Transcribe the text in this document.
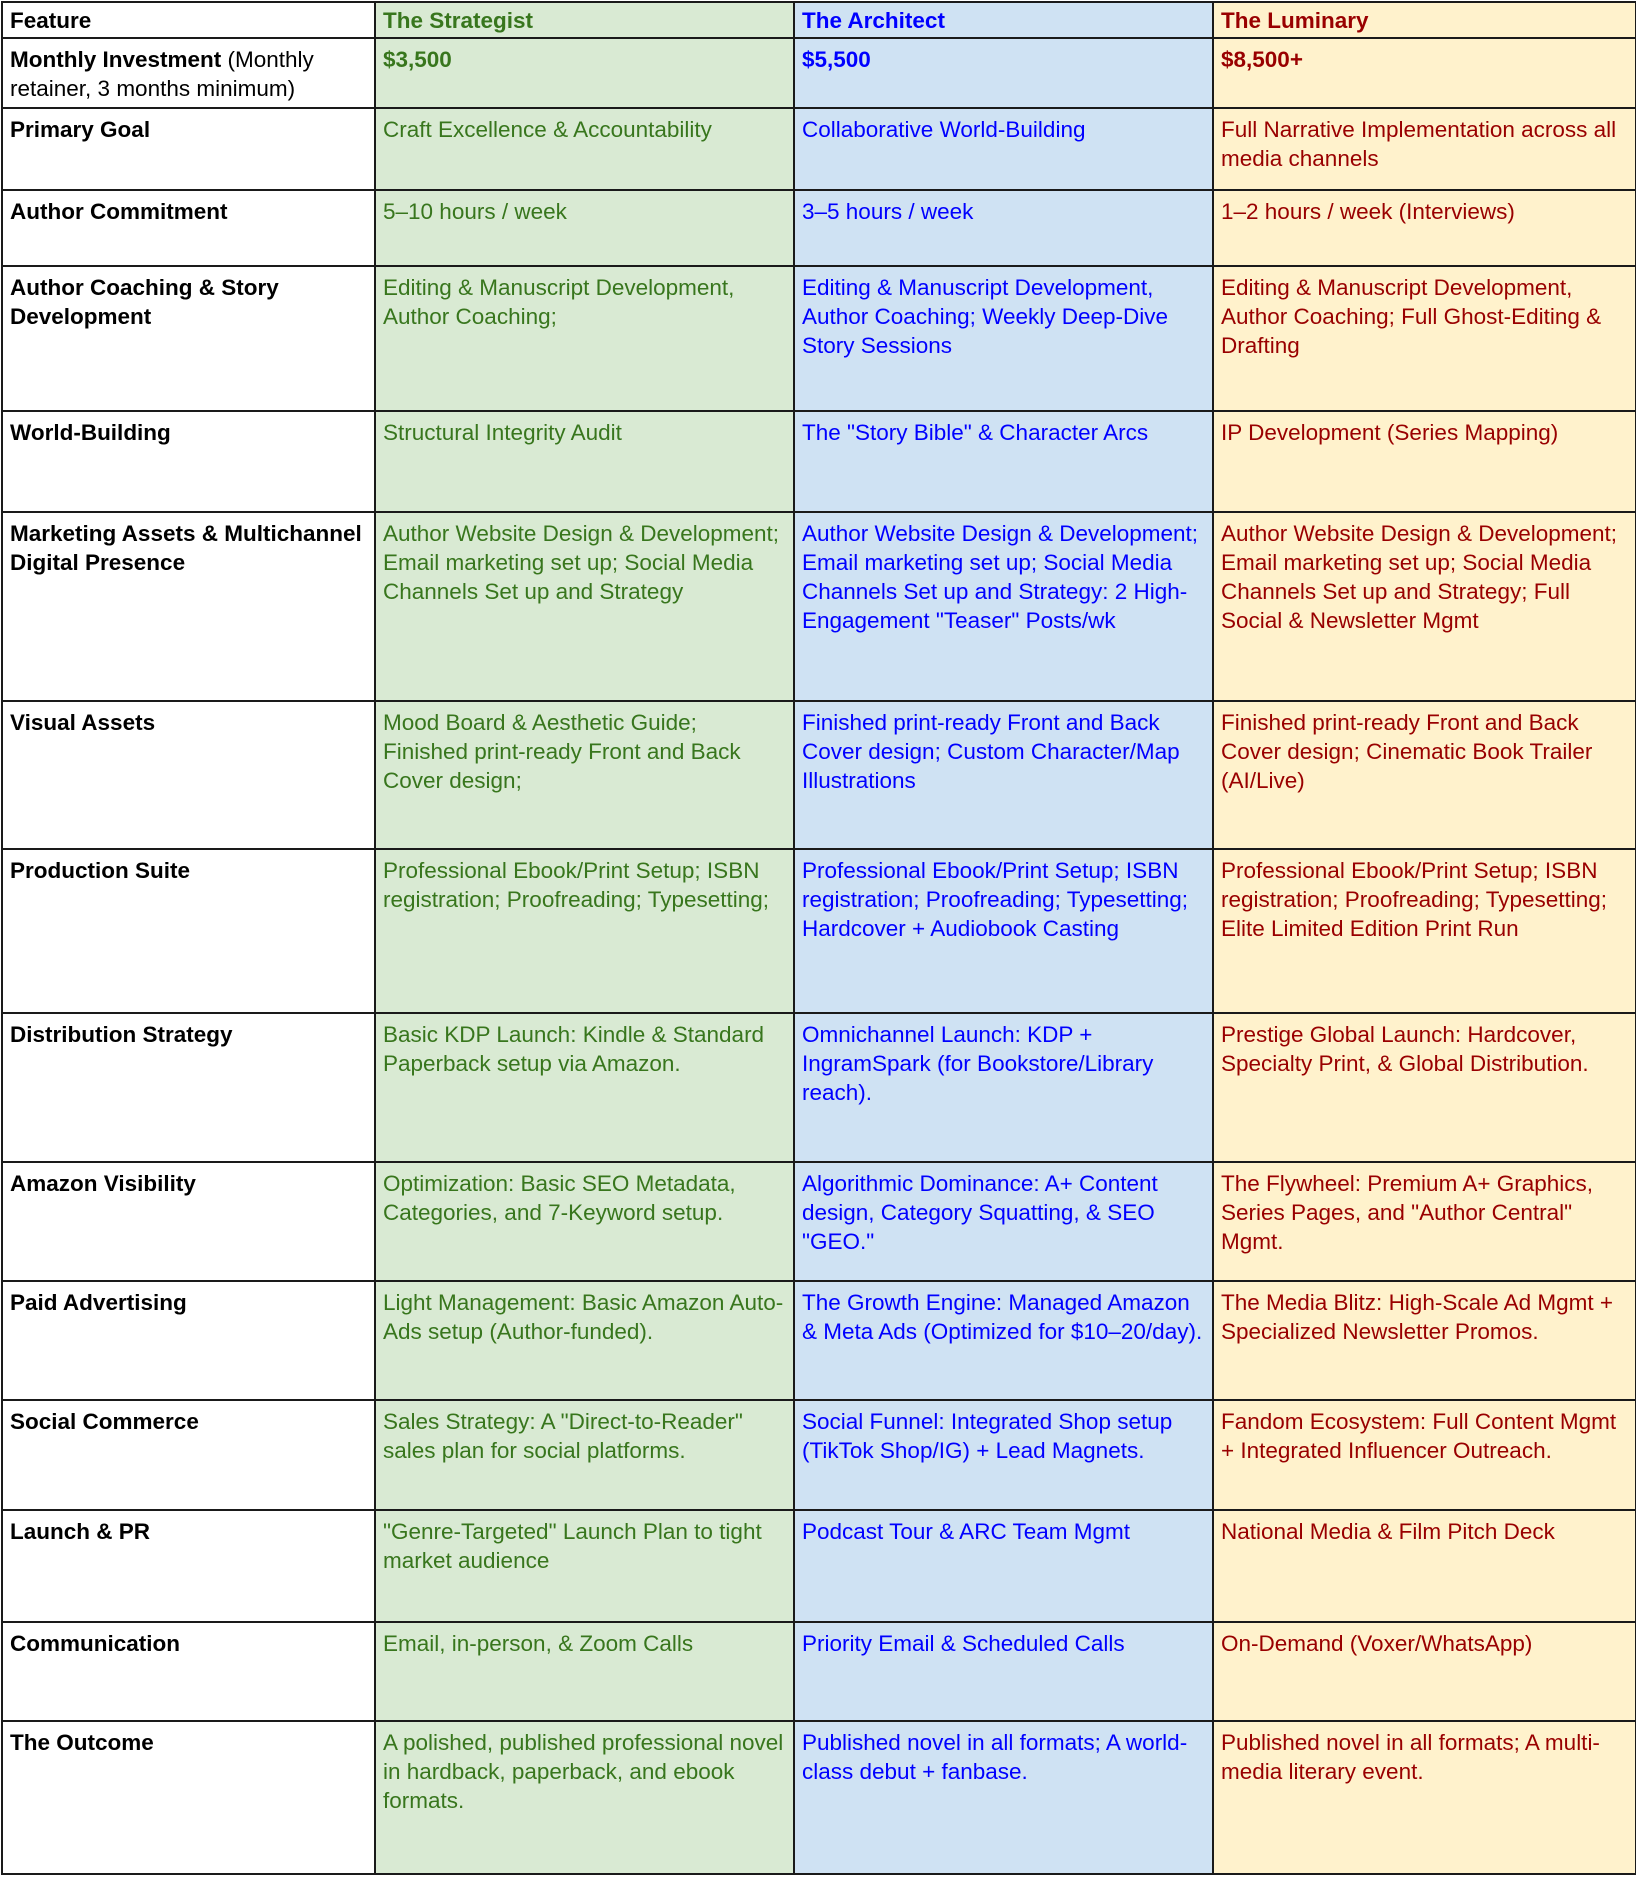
Feature	The Strategist	The Architect	The Luminary
Monthly Investment (Monthly retainer, 3 months minimum)	$3,500	$5,500	$8,500+
Primary Goal	Craft Excellence & Accountability	Collaborative World-Building	Full Narrative Implementation across all media channels
Author Commitment	5–10 hours / week	3–5 hours / week	1–2 hours / week (Interviews)
Author Coaching & Story Development	Editing & Manuscript Development, Author Coaching;	Editing & Manuscript Development, Author Coaching; Weekly Deep-Dive Story Sessions	Editing & Manuscript Development, Author Coaching; Full Ghost-Editing & Drafting
World-Building	Structural Integrity Audit	The "Story Bible" & Character Arcs	IP Development (Series Mapping)
Marketing Assets & Multichannel Digital Presence	Author Website Design & Development; Email marketing set up; Social Media Channels Set up and Strategy	Author Website Design & Development; Email marketing set up; Social Media Channels Set up and Strategy: 2 High-Engagement "Teaser" Posts/wk	Author Website Design & Development; Email marketing set up; Social Media Channels Set up and Strategy; Full Social & Newsletter Mgmt
Visual Assets	Mood Board & Aesthetic Guide; Finished print-ready Front and Back Cover design;	Finished print-ready Front and Back Cover design; Custom Character/Map Illustrations	Finished print-ready Front and Back Cover design; Cinematic Book Trailer (AI/Live)
Production Suite	Professional Ebook/Print Setup; ISBN registration; Proofreading; Typesetting;	Professional Ebook/Print Setup; ISBN registration; Proofreading; Typesetting; Hardcover + Audiobook Casting	Professional Ebook/Print Setup; ISBN registration; Proofreading; Typesetting; Elite Limited Edition Print Run
Distribution Strategy	Basic KDP Launch: Kindle & Standard Paperback setup via Amazon.	Omnichannel Launch: KDP + IngramSpark (for Bookstore/Library reach).	Prestige Global Launch: Hardcover, Specialty Print, & Global Distribution.
Amazon Visibility	Optimization: Basic SEO Metadata, Categories, and 7-Keyword setup.	Algorithmic Dominance: A+ Content design, Category Squatting, & SEO "GEO."	The Flywheel: Premium A+ Graphics, Series Pages, and "Author Central" Mgmt.
Paid Advertising	Light Management: Basic Amazon Auto-Ads setup (Author-funded).	The Growth Engine: Managed Amazon & Meta Ads (Optimized for $10–20/day).	The Media Blitz: High-Scale Ad Mgmt + Specialized Newsletter Promos.
Social Commerce	Sales Strategy: A "Direct-to-Reader" sales plan for social platforms.	Social Funnel: Integrated Shop setup (TikTok Shop/IG) + Lead Magnets.	Fandom Ecosystem: Full Content Mgmt + Integrated Influencer Outreach.
Launch & PR	"Genre-Targeted" Launch Plan to tight market audience	Podcast Tour & ARC Team Mgmt	National Media & Film Pitch Deck
Communication	Email, in-person, & Zoom Calls	Priority Email & Scheduled Calls	On-Demand (Voxer/WhatsApp)
The Outcome	A polished, published professional novel in hardback, paperback, and ebook formats.	Published novel in all formats; A world-class debut + fanbase.	Published novel in all formats; A multi-media literary event.
